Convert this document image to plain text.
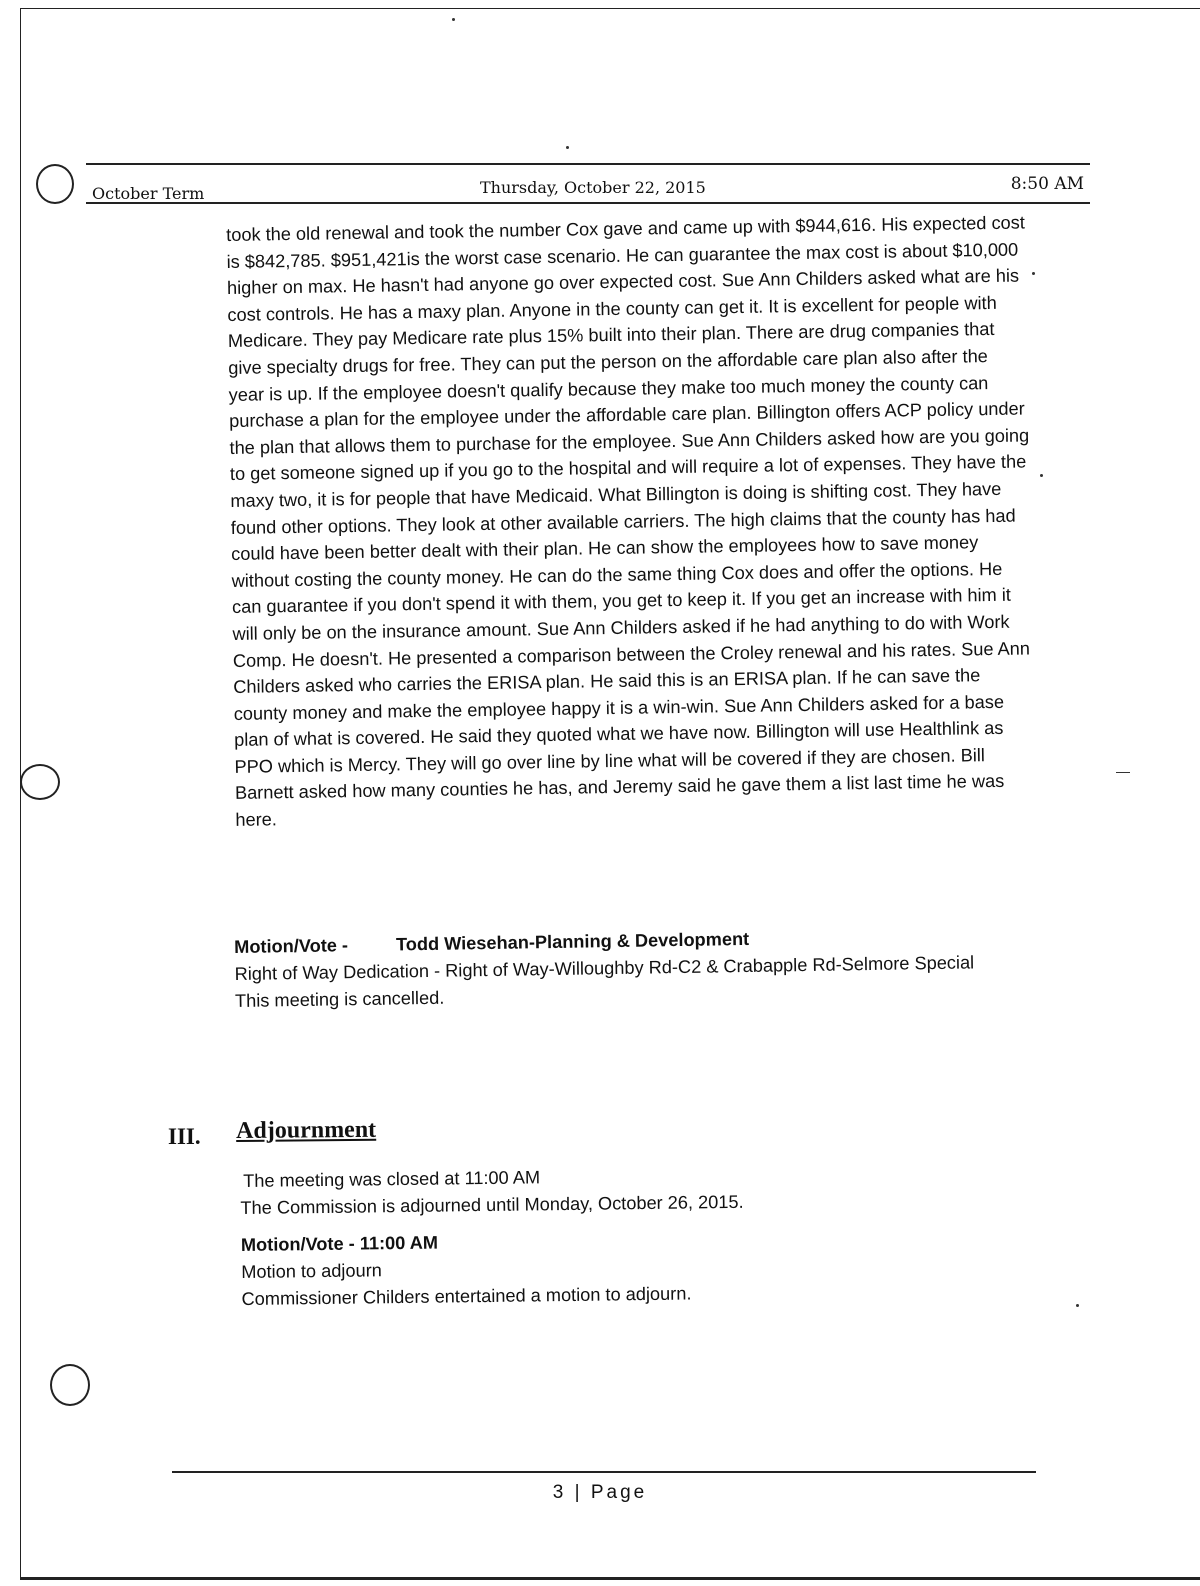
October Term	Thursday, October 22, 2015	8:50 AM
took the old renewal and took the number Cox gave and came up with $944,616. His expected cost is $842,785. $951,421is the worst case scenario. He can guarantee the max cost is about $10,000 higher on max. He hasn't had anyone go over expected cost. Sue Ann Childers asked what are his cost controls. He has a maxy plan. Anyone in the county can get it. It is excellent for people with Medicare. They pay Medicare rate plus 15% built into their plan. There are drug companies that give specialty drugs for free. They can put the person on the affordable care plan also after the year is up. If the employee doesn't qualify because they make too much money the county can purchase a plan for the employee under the affordable care plan. Billington offers ACP policy under the plan that allows them to purchase for the employee. Sue Ann Childers asked how are you going to get someone signed up if you go to the hospital and will require a lot of expenses. They have the maxy two, it is for people that have Medicaid. What Billington is doing is shifting cost. They have found other options. They look at other available carriers. The high claims that the county has had could have been better dealt with their plan. He can show the employees how to save money without costing the county money. He can do the same thing Cox does and offer the options. He can guarantee if you don't spend it with them, you get to keep it. If you get an increase with him it will only be on the insurance amount. Sue Ann Childers asked if he had anything to do with Work Comp. He doesn't. He presented a comparison between the Croley renewal and his rates. Sue Ann Childers asked who carries the ERISA plan. He said this is an ERISA plan. If he can save the county money and make the employee happy it is a win-win. Sue Ann Childers asked for a base plan of what is covered. He said they quoted what we have now. Billington will use Healthlink as PPO which is Mercy. They will go over line by line what will be covered if they are chosen. Bill Barnett asked how many counties he has, and Jeremy said he gave them a list last time he was here.
Motion/Vote -	Todd Wiesehan-Planning & Development
Right of Way Dedication - Right of Way-Willoughby Rd-C2 & Crabapple Rd-Selmore Special
This meeting is cancelled.
III. Adjournment
The meeting was closed at 11:00 AM
The Commission is adjourned until Monday, October 26, 2015.
Motion/Vote - 11:00 AM
Motion to adjourn
Commissioner Childers entertained a motion to adjourn.
3 | Page
